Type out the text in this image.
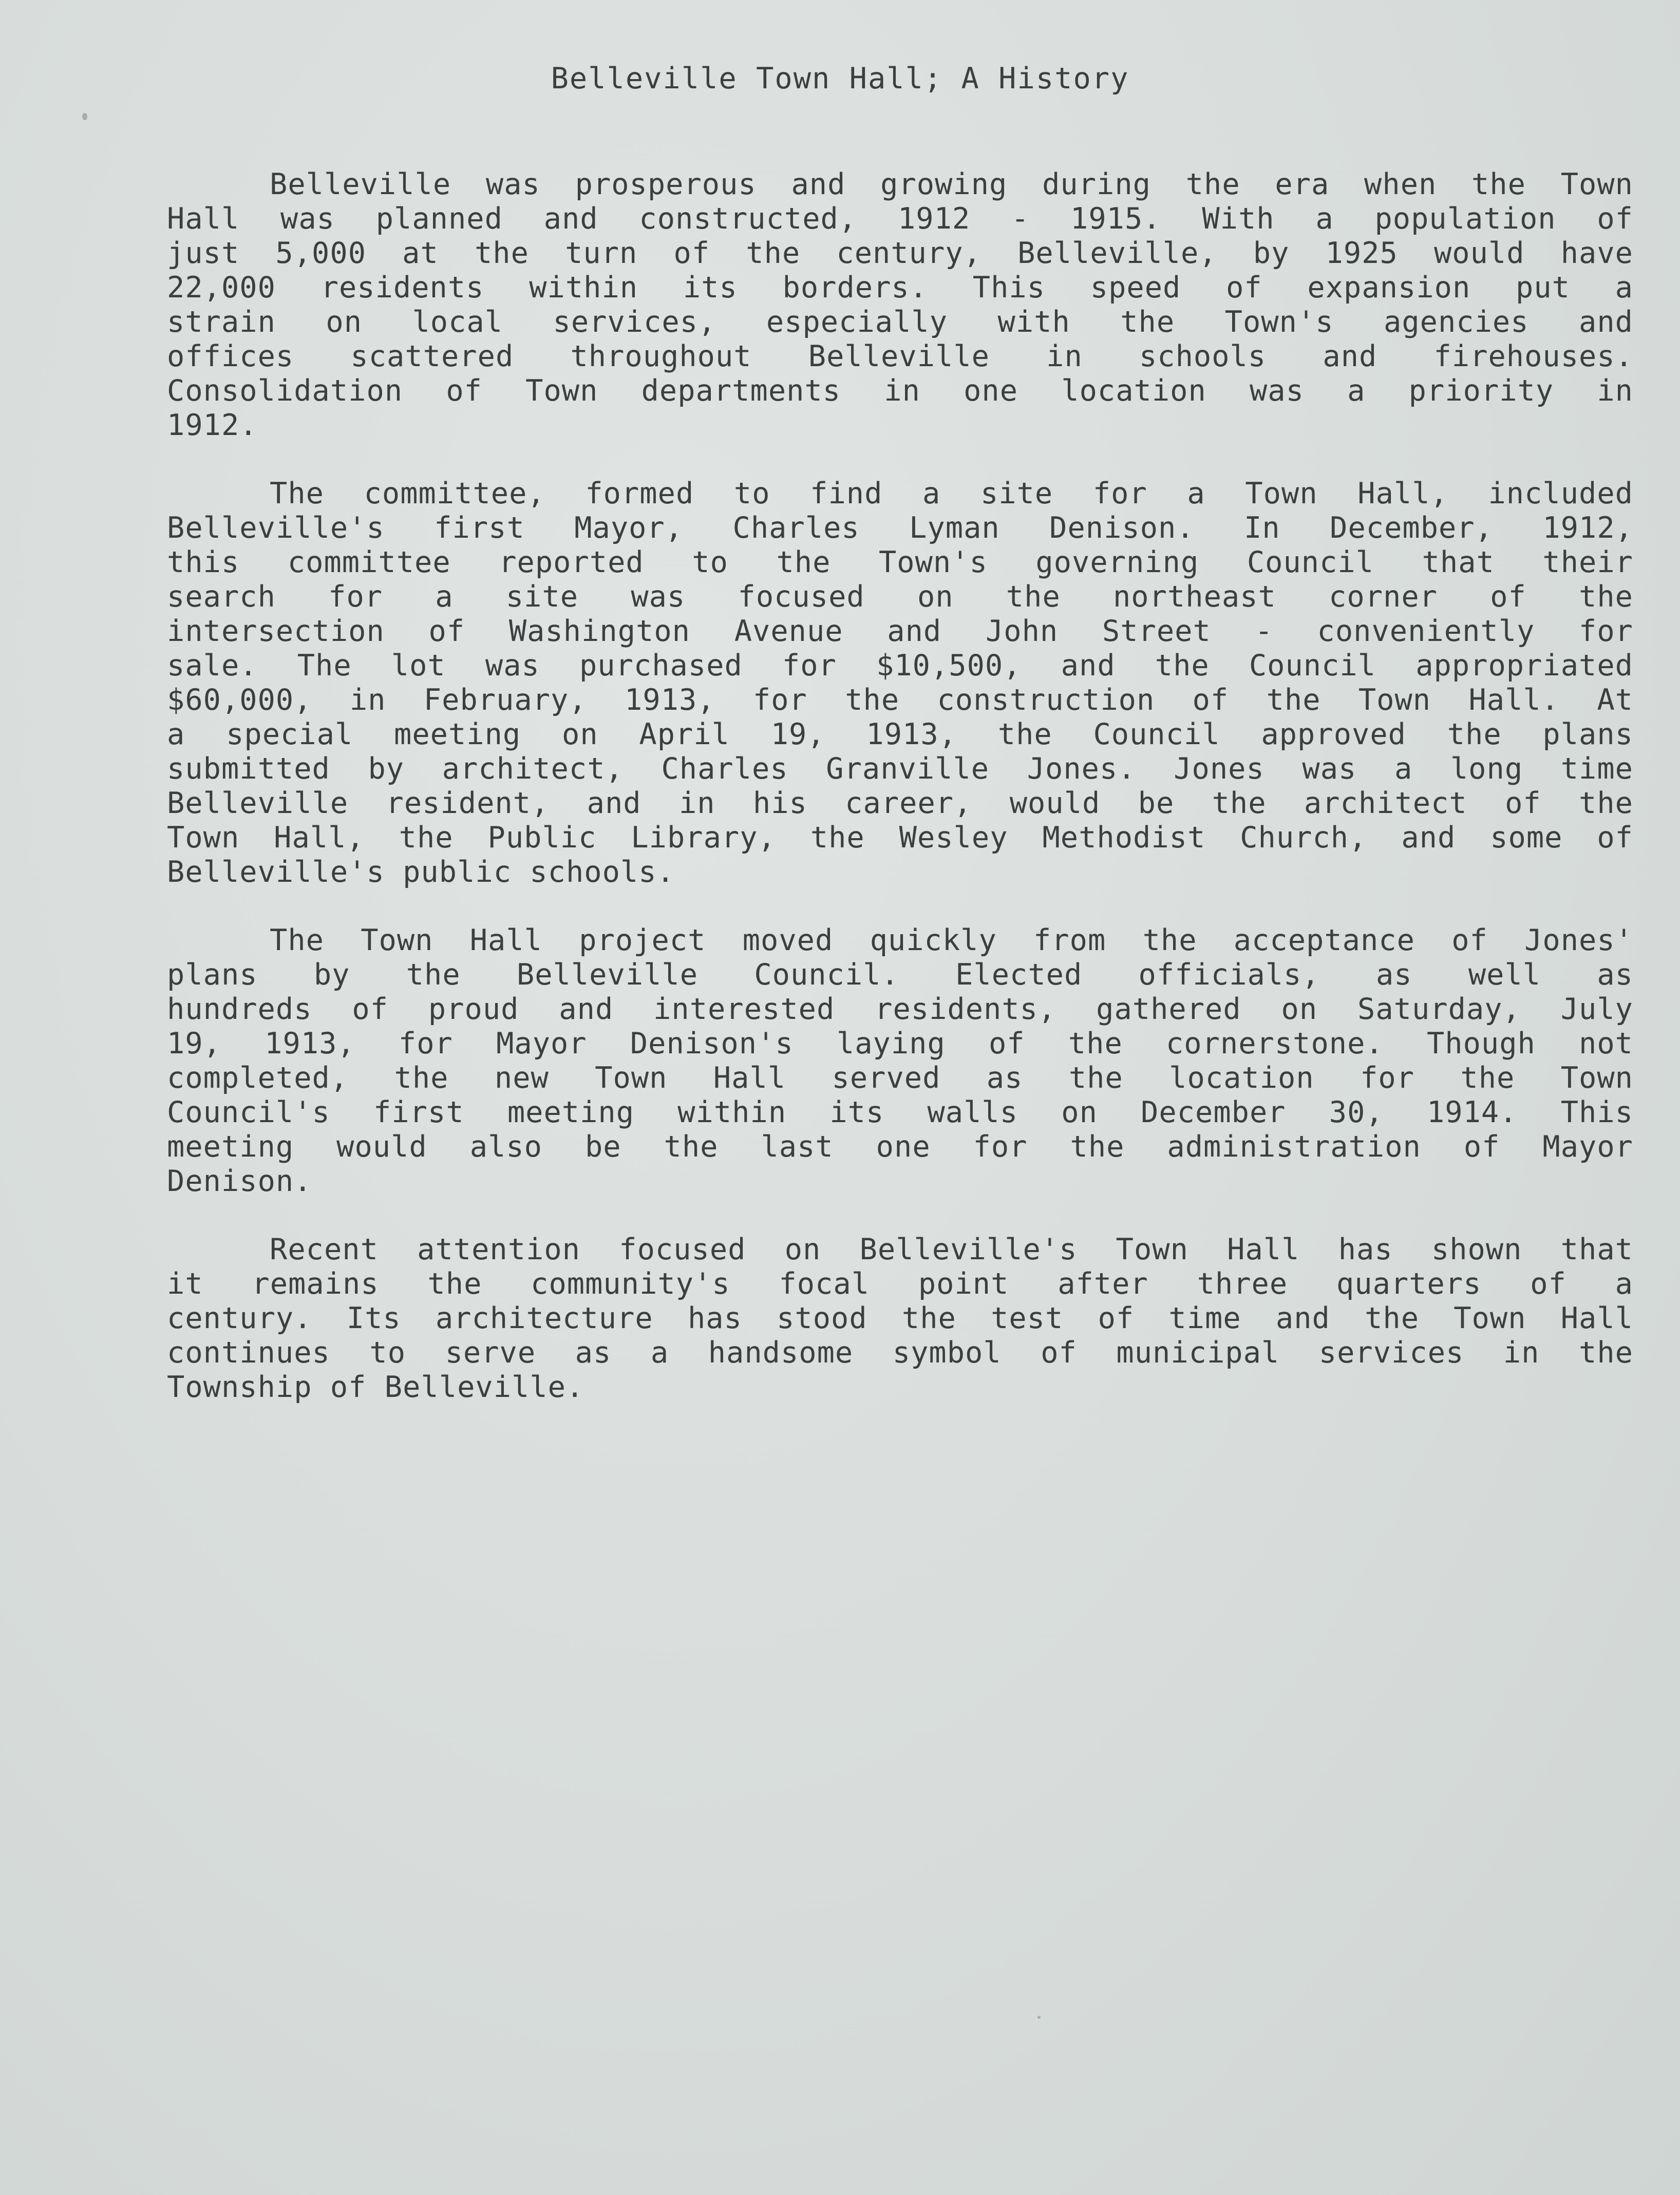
Belleville Town Hall; A History
Belleville was prosperous and growing during the era when the Town
Hall was planned and constructed, 1912 - 1915. With a population of
just 5,000 at the turn of the century, Belleville, by 1925 would have
22,000 residents within its borders. This speed of expansion put a
strain on local services, especially with the Town's agencies and
offices scattered throughout Belleville in schools and firehouses.
Consolidation of Town departments in one location was a priority in
1912.
The committee, formed to find a site for a Town Hall, included
Belleville's first Mayor, Charles Lyman Denison. In December, 1912,
this committee reported to the Town's governing Council that their
search for a site was focused on the northeast corner of the
intersection of Washington Avenue and John Street - conveniently for
sale. The lot was purchased for $10,500, and the Council appropriated
$60,000, in February, 1913, for the construction of the Town Hall. At
a special meeting on April 19, 1913, the Council approved the plans
submitted by architect, Charles Granville Jones. Jones was a long time
Belleville resident, and in his career, would be the architect of the
Town Hall, the Public Library, the Wesley Methodist Church, and some of
Belleville's public schools.
The Town Hall project moved quickly from the acceptance of Jones'
plans by the Belleville Council. Elected officials, as well as
hundreds of proud and interested residents, gathered on Saturday, July
19, 1913, for Mayor Denison's laying of the cornerstone. Though not
completed, the new Town Hall served as the location for the Town
Council's first meeting within its walls on December 30, 1914. This
meeting would also be the last one for the administration of Mayor
Denison.
Recent attention focused on Belleville's Town Hall has shown that
it remains the community's focal point after three quarters of a
century. Its architecture has stood the test of time and the Town Hall
continues to serve as a handsome symbol of municipal services in the
Township of Belleville.
